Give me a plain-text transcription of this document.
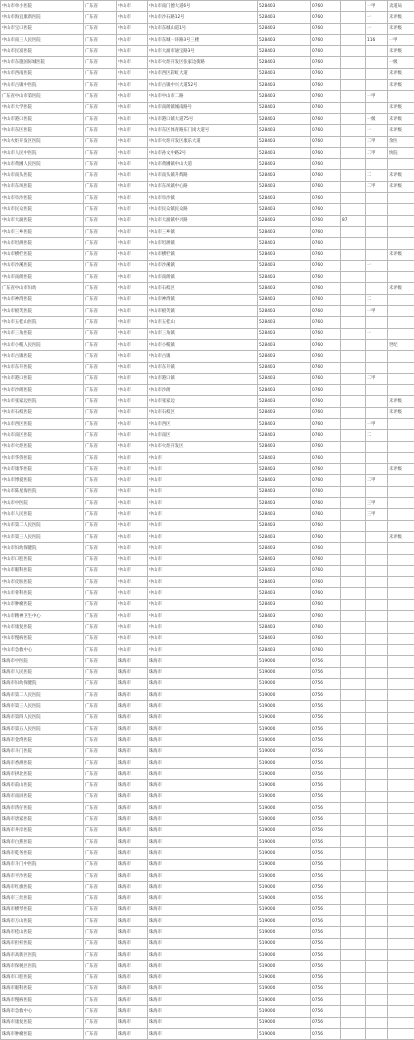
中山市单小医院	广东省	中山市	中山市南门德大道6号	528403	0760		一甲	卖道局
中山市海宜康新医院	广东省	中山市	中山市沙石路12号	528403	0760		一	未评级
中山市宝口医院	广东省	中山市	中山市东城山道1号	528403	0760		一	未评级
中山市南三人民医院	广东省	中山市	中山市东城一环路3号三楼	528403	0760		116	一甲
中山市民富医院	广东省	中山市	中山市大涌市通宝路3号	528403	0760			未评级
中山市东施国际城医院	广东省	中山市	中山市火炬开发区张家边街路	528403	0760			一级
中山市西南医院	广东省	中山市	中山市西区彩虹大道	528403	0760			未评级
中山市古镇中医院	广东省	中山市	中山市古镇中兴大道52号	528403	0760			未评级
广东省中山市第医院	广东省	中山市	中山市中山市二路	528403	0760		一甲	
中山市大学医院	广东省	中山市	中山市南朗镇城南路号	528403	0760			未评级
中山市港口医院	广东省	中山市	中山市港口镇大道75号	528403	0760		一级	未评级
中山市东区医院	广东省	中山市	中山市东区体育路东门岗大道号	528403	0760		一	未评级
中山火炬开发区医院	广东省	中山市	中山市火炬开发区康乐大道	528403	0760		二甲	余医
中山市人民中医院	广东省	中山市	中山市孙文中路2号	528403	0760		二甲	快院
中山市黄圃人民医院	广东省	中山市	中山市黄圃镇中山大道	528403	0760			
中山市南头医院	广东省	中山市	中山市南头镇升辉路	528403	0760		二	未评级
中山市东凤医院	广东省	中山市	中山市东凤镇中心路	528403	0760		二甲	未评级
中山市阜沙医院	广东省	中山市	中山市阜沙镇	528403	0760			
中山市民众医院	广东省	中山市	中山市民众镇民众路	528403	0760			
中山市大涌医院	广东省	中山市	中山市大涌镇中兴路	528403	0760	87		
中山市三乡医院	广东省	中山市	中山市三乡镇	528403	0760			
中山市坦洲医院	广东省	中山市	中山市坦洲镇	528403	0760			
中山市横栏医院	广东省	中山市	中山市横栏镇	528403	0760			未评级
中山市沙溪医院	广东省	中山市	中山市沙溪镇	528403	0760		一	
中山市南朗医院	广东省	中山市	中山市南朗镇	528403	0760			
广东省中山市妇幼	广东省	中山市	中山市石岐区	528403	0760			未评级
中山市神湾医院	广东省	中山市	中山市神湾镇	528403	0760		二	
中山市板芙医院	广东省	中山市	中山市板芙镇	528403	0760		一甲	
中山市五桂山医院	广东省	中山市	中山市五桂山	528403	0760			
中山市三角医院	广东省	中山市	中山市三角镇	528403	0760		一	
中山市小榄人民医院	广东省	中山市	中山市小榄镇	528403	0760			世纪
中山市古镇医院	广东省	中山市	中山市古镇	528403	0760			
中山市东升医院	广东省	中山市	中山市东升镇	528403	0760			
中山市港口医院	广东省	中山市	中山市港口镇	528403	0760		二甲	
中山市沙朗医院	广东省	中山市	中山市沙朗	528403	0760			
中山市张家边医院	广东省	中山市	中山市张家边	528403	0760			未评级
中山市石岐医院	广东省	中山市	中山市石岐区	528403	0760			未评级
中山市西区医院	广东省	中山市	中山市西区	528403	0760		一甲	
中山市南区医院	广东省	中山市	中山市南区	528403	0760		二	
中山市火炬医院	广东省	中山市	中山市火炬开发区	528403	0760			
中山市华侨医院	广东省	中山市	中山市	528403	0760			
中山市康华医院	广东省	中山市	中山市	528403	0760			未评级
中山市博爱医院	广东省	中山市	中山市	528403	0760		二甲	
中山市陈星海医院	广东省	中山市	中山市	528403	0760			
中山市中医院	广东省	中山市	中山市	528403	0760		三甲	
中山市人民医院	广东省	中山市	中山市	528403	0760		三甲	
中山市第二人民医院	广东省	中山市	中山市	528403	0760			
中山市第三人民医院	广东省	中山市	中山市	528403	0760			未评级
中山市妇幼保健院	广东省	中山市	中山市	528403	0760			
中山市口腔医院	广东省	中山市	中山市	528403	0760			
中山市眼科医院	广东省	中山市	中山市	528403	0760			
中山市皮肤医院	广东省	中山市	中山市	528403	0760			
中山市骨科医院	广东省	中山市	中山市	528403	0760			
中山市肿瘤医院	广东省	中山市	中山市	528403	0760			
中山市精神卫生中心	广东省	中山市	中山市	528403	0760			
中山市康复医院	广东省	中山市	中山市	528403	0760			
中山市慢病医院	广东省	中山市	中山市	528403	0760			
中山市急救中心	广东省	中山市	中山市	528403	0760			
珠海市中医院	广东省	珠海市	珠海市	519000	0756			
珠海市人民医院	广东省	珠海市	珠海市	519000	0756			
珠海市妇幼保健院	广东省	珠海市	珠海市	519000	0756			
珠海市第二人民医院	广东省	珠海市	珠海市	519000	0756			
珠海市第三人民医院	广东省	珠海市	珠海市	519000	0756			
珠海市第四人民医院	广东省	珠海市	珠海市	519000	0756			
珠海市第五人民医院	广东省	珠海市	珠海市	519000	0756			
珠海市金湾医院	广东省	珠海市	珠海市	519000	0756			
珠海市斗门医院	广东省	珠海市	珠海市	519000	0756			
珠海市香洲医院	广东省	珠海市	珠海市	519000	0756			
珠海市拱北医院	广东省	珠海市	珠海市	519000	0756			
珠海市前山医院	广东省	珠海市	珠海市	519000	0756			
珠海市南屏医院	广东省	珠海市	珠海市	519000	0756			
珠海市湾仔医院	广东省	珠海市	珠海市	519000	0756			
珠海市唐家医院	广东省	珠海市	珠海市	519000	0756			
珠海市井岸医院	广东省	珠海市	珠海市	519000	0756			
珠海市白蕉医院	广东省	珠海市	珠海市	519000	0756			
珠海市乾务医院	广东省	珠海市	珠海市	519000	0756			
珠海市斗门中医院	广东省	珠海市	珠海市	519000	0756			
珠海市平沙医院	广东省	珠海市	珠海市	519000	0756			
珠海市红旗医院	广东省	珠海市	珠海市	519000	0756			
珠海市三灶医院	广东省	珠海市	珠海市	519000	0756			
珠海市横琴医院	广东省	珠海市	珠海市	519000	0756			
珠海市万山医院	广东省	珠海市	珠海市	519000	0756			
珠海市桂山医院	广东省	珠海市	珠海市	519000	0756			
珠海市担杆医院	广东省	珠海市	珠海市	519000	0756			
珠海市高新区医院	广东省	珠海市	珠海市	519000	0756			
珠海市保税区医院	广东省	珠海市	珠海市	519000	0756			
珠海市口腔医院	广东省	珠海市	珠海市	519000	0756			
珠海市眼科医院	广东省	珠海市	珠海市	519000	0756			
珠海市慢病医院	广东省	珠海市	珠海市	519000	0756			
珠海市急救中心	广东省	珠海市	珠海市	519000	0756			
珠海市康复医院	广东省	珠海市	珠海市	519000	0756			
珠海市肿瘤医院	广东省	珠海市	珠海市	519000	0756			
